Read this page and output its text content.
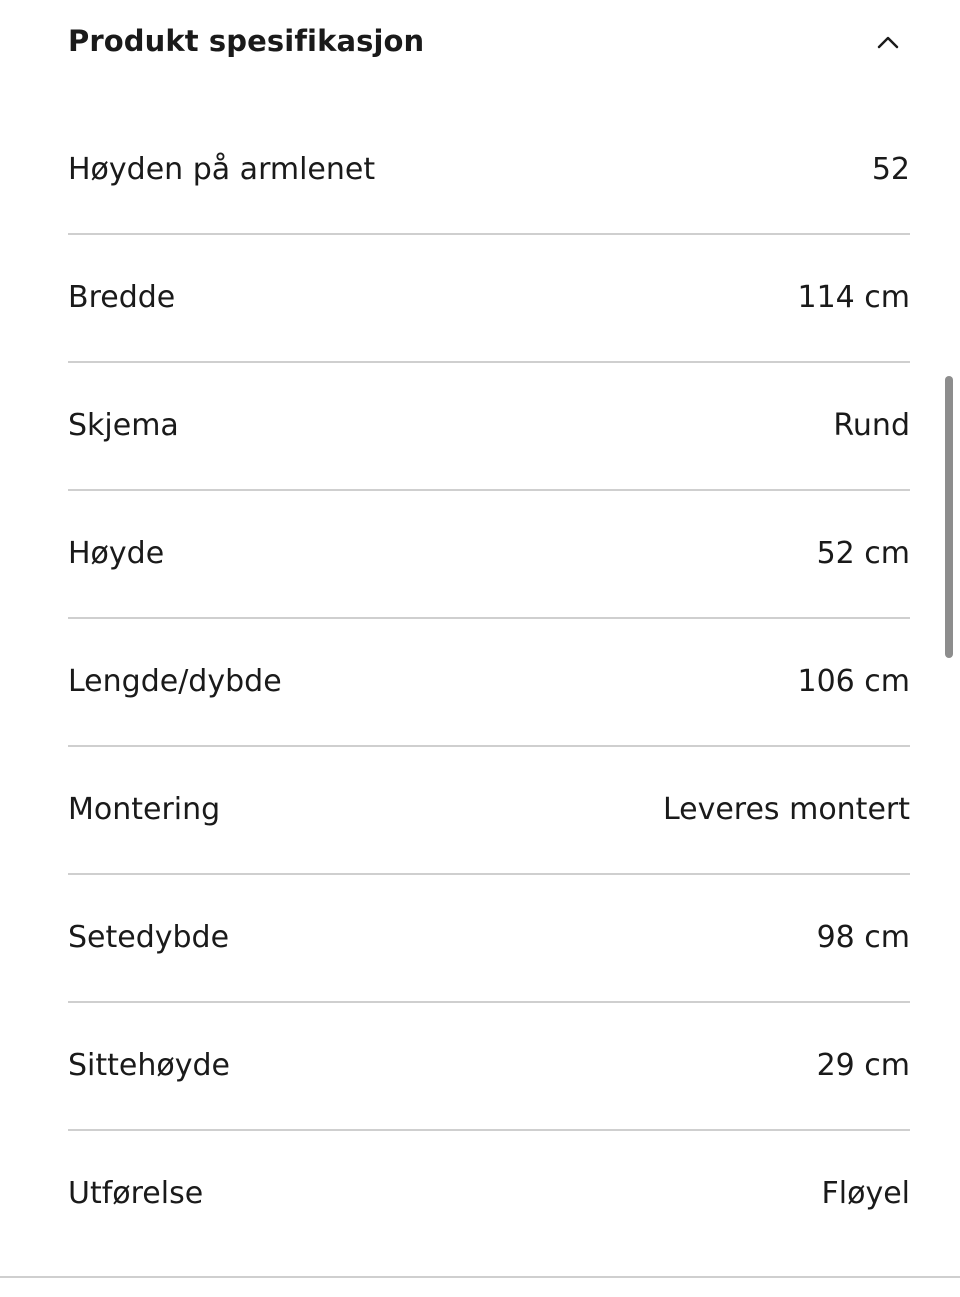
Produkt spesifikasjon
Høyden på armlenet	52
Bredde	114 cm
Skjema	Rund
Høyde	52 cm
Lengde/dybde	106 cm
Montering	Leveres montert
Setedybde	98 cm
Sittehøyde	29 cm
Utførelse	Fløyel
